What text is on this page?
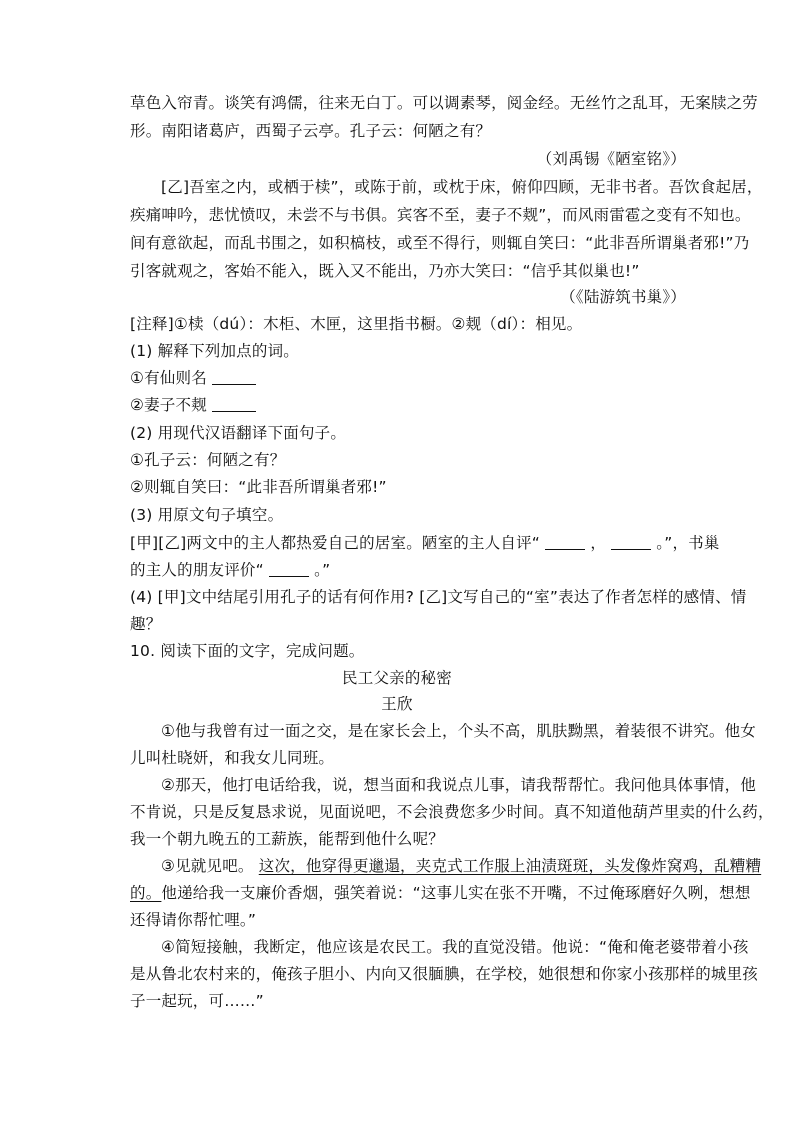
草色入帘青。谈笑有鸿儒，往来无白丁。可以调素琴，阅金经。无丝竹之乱耳，无案牍之劳
形。南阳诸葛庐，西蜀子云亭。孔子云：何陋之有？
（刘禹锡《陋室铭》）
[乙]吾室之内，或栖于椟”，或陈于前，或枕于床，俯仰四顾，无非书者。吾饮食起居，
疾痛呻吟，悲忧愤叹，未尝不与书俱。宾客不至，妻子不觌”，而风雨雷雹之变有不知也。
间有意欲起，而乱书围之，如积槁枝，或至不得行，则辄自笑曰：“此非吾所谓巢者邪!”乃
引客就观之，客始不能入，既入又不能出，乃亦大笑曰：“信乎其似巢也!”
（《陆游筑书巢》）
[注释]①椟（dú）：木柜、木匣，这里指书橱。②觌（dí）：相见。
(1) 解释下列加点的词。
①有仙则名
②妻子不觌
(2) 用现代汉语翻译下面句子。
①孔子云：何陋之有？
②则辄自笑曰：“此非吾所谓巢者邪!”
(3) 用原文句子填空。
[甲][乙]两文中的主人都热爱自己的居室。陋室的主人自评“	，	。”，书巢
的主人的朋友评价“	。”
(4) [甲]文中结尾引用孔子的话有何作用? [乙]文写自己的“室”表达了作者怎样的感情、情
趣？
10. 阅读下面的文字，完成问题。
民工父亲的秘密
王欣
①他与我曾有过一面之交，是在家长会上，个头不高，肌肤黝黑，着装很不讲究。他女
儿叫杜晓妍，和我女儿同班。
②那天，他打电话给我，说，想当面和我说点儿事，请我帮帮忙。我问他具体事情，他
不肯说，只是反复恳求说，见面说吧，不会浪费您多少时间。真不知道他葫芦里卖的什么药，
我一个朝九晚五的工薪族，能帮到他什么呢？
③见就见吧。 这次，他穿得更邋遢，夹克式工作服上油渍斑斑，头发像炸窝鸡，乱糟糟
的。他递给我一支廉价香烟，强笑着说：“这事儿实在张不开嘴，不过俺琢磨好久咧，想想
还得请你帮忙哩。”
④简短接触，我断定，他应该是农民工。我的直觉没错。他说：“俺和俺老婆带着小孩
是从鲁北农村来的，俺孩子胆小、内向又很腼腆，在学校，她很想和你家小孩那样的城里孩
子一起玩，可……”
